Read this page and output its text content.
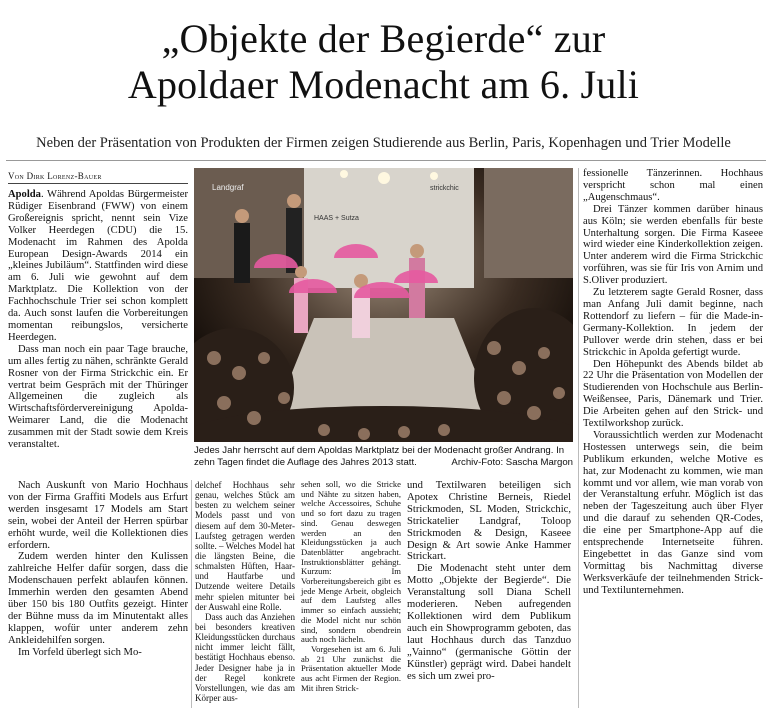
„Objekte der Begierde“ zur
Apoldaer Modenacht am 6. Juli
Neben der Präsentation von Produkten der Firmen zeigen Studierende aus Berlin, Paris, Kopenhagen und Trier Modelle
Von Dirk Lorenz-Bauer

Apolda. Während Apoldas Bürgermeister Rüdiger Eisenbrand (FWW) von einem Großereignis spricht, nennt sein Vize Volker Heerdegen (CDU) die 15. Modenacht im Rahmen des Apolda European Design-Awards 2014 ein „kleines Jubiläum“. Stattfinden wird diese am 6. Juli wie gewohnt auf dem Marktplatz. Die Kollektion von der Fachhochschule Trier sei schon komplett da. Auch sonst laufen die Vorbereitungen momentan reibungslos, versicherte Heerdegen.

Dass man noch ein paar Tage brauche, um alles fertig zu nähen, schränkte Gerald Rosner von der Firma Strickchic ein. Er vertrat beim Gespräch mit der Thüringer Allgemeinen die zugleich als Wirtschaftsfördervereinigung Apolda-Weimarer Land, die die Modenacht zusammen mit der Stadt sowie dem Kreis veranstaltet.

Landgraf
HAAS + Sutza
strickchic
Jedes Jahr herrscht auf dem Apoldas Marktplatz bei der Modenacht großer Andrang. In zehn Tagen findet die Auflage des Jahres 2013 statt.	Archiv-Foto: Sascha Margon

Nach Auskunft von Mario Hochhaus von der Firma Graffiti Models aus Erfurt werden insgesamt 17 Models am Start sein, wobei der Anteil der Herren spürbar erhöht wurde, weil die Kollektionen dies erfordern.

Zudem werden hinter den Kulissen zahlreiche Helfer dafür sorgen, dass die Modenschauen perfekt ablaufen können. Immerhin werden den gesamten Abend über 150 bis 180 Outfits gezeigt. Hinter der Bühne muss da im Minutentakt alles klappen, wofür unter anderem zehn Ankleidehilfen sorgen.

Im Vorfeld überlegt sich Mo-

delchef Hochhaus sehr genau, welches Stück am besten zu welchem seiner Models passt und von diesem auf dem 30-Meter-Laufsteg getragen werden sollte. – Welches Model hat die längsten Beine, die schmalsten Hüften, Haar- und Hautfarbe und Dutzende weitere Details mehr spielen mitunter bei der Auswahl eine Rolle.

Dass auch das Anziehen bei besonders kreativen Kleidungsstücken durchaus nicht immer leicht fällt, bestätigt Hochhaus ebenso. Jeder Designer habe ja in der Regel konkrete Vorstellungen, wie das am Körper aus-

sehen soll, wo die Stricke und Nähte zu sitzen haben, welche Accessoires, Schuhe und so fort dazu zu tragen sind. Genau deswegen werden an den Kleidungsstücken ja auch Datenblätter angebracht. Instruktionsblätter gehängt. Kurzum: Im Vorbereitungsbereich gibt es jede Menge Arbeit, obgleich auf dem Laufsteg alles immer so einfach aussieht; die Model nicht nur schön sind, sondern obendrein auch noch lächeln.

Vorgesehen ist am 6. Juli ab 21 Uhr zunächst die Präsentation aktueller Mode aus acht Firmen der Region. Mit ihren Strick-

und Textilwaren beteiligen sich Apotex Christine Berneis, Riedel Strickmoden, SL Moden, Strickchic, Strickatelier Landgraf, Toloop Strickmoden & Design, Kaseee Design & Art sowie Anke Hammer Strickart.

Die Modenacht steht unter dem Motto „Objekte der Begierde“. Die Veranstaltung soll Diana Schell moderieren. Neben aufregenden Kollektionen wird dem Publikum auch ein Showprogramm geboten, das laut Hochhaus durch das Tanzduo „Vainno“ (germanische Göttin der Künstler) geprägt wird. Dabei handelt es sich um zwei pro-

fessionelle Tänzerinnen. Hochhaus verspricht schon mal einen „Augenschmaus“.

Drei Tänzer kommen darüber hinaus aus Köln; sie werden ebenfalls für beste Unterhaltung sorgen. Die Firma Kaseee wird wieder eine Kinderkollektion zeigen. Unter anderem wird die Firma Strickchic vorführen, was sie für Iris von Arnim und S.Oliver produziert.

Zu letzterem sagte Gerald Rosner, dass man Anfang Juli damit beginne, nach Rottendorf zu liefern – für die Made-in-Germany-Kollektion. In jedem der Pullover werde drin stehen, dass er bei Strickchic in Apolda gefertigt wurde.

Den Höhepunkt des Abends bildet ab 22 Uhr die Präsentation von Modellen der Studierenden von Hochschule aus Berlin-Weißensee, Paris, Dänemark und Trier. Die Arbeiten gehen auf den Strick- und Textilworkshop zurück.

Voraussichtlich werden zur Modenacht Hostessen unterwegs sein, die beim Publikum erkunden, welche Motive es hat, zur Modenacht zu kommen, wie man kommt und vor allem, wie man vorab von der Veranstaltung erfuhr. Möglich ist das neben der Tageszeitung auch über Flyer und die darauf zu sehenden QR-Codes, die eine per Smartphone-App auf die entsprechende Internetseite führen. Eingebettet in das Ganze sind vom Vormittag bis Nachmittag diverse Werksverkäufe der teilnehmenden Strick- und Textilunternehmen.
